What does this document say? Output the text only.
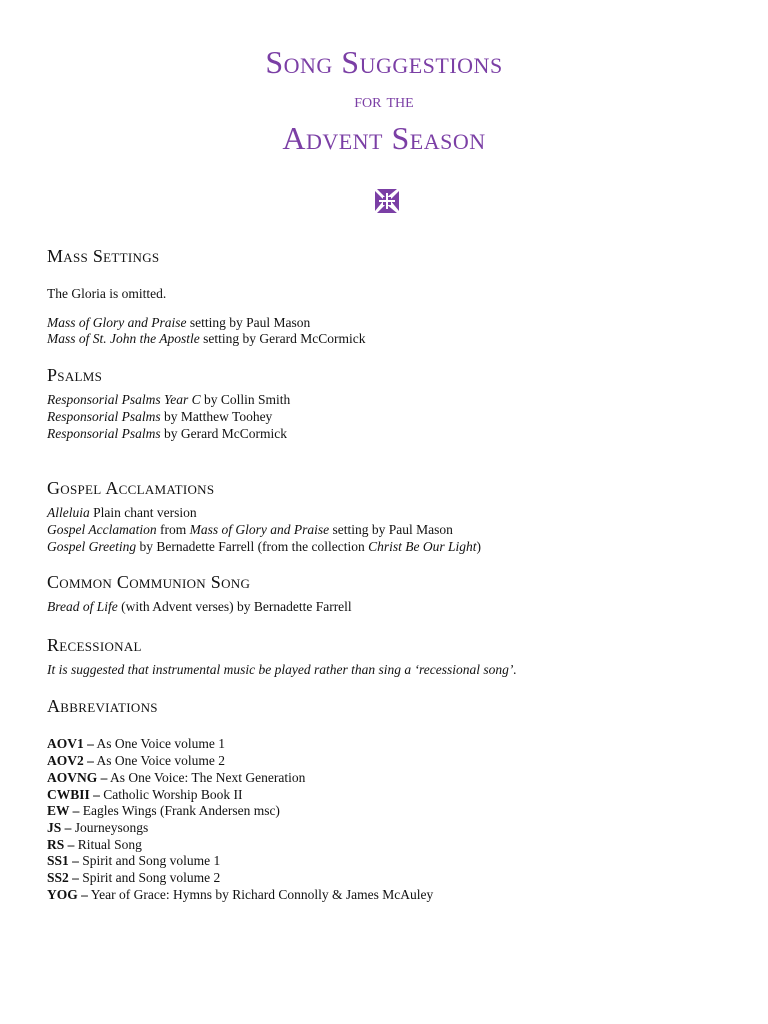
Song Suggestions
for the
Advent Season
Mass Settings
The Gloria is omitted.
Mass of Glory and Praise setting by Paul Mason
Mass of St. John the Apostle setting by Gerard McCormick
Psalms
Responsorial Psalms Year C by Collin Smith
Responsorial Psalms by Matthew Toohey
Responsorial Psalms by Gerard McCormick
Gospel Acclamations
Alleluia Plain chant version
Gospel Acclamation from Mass of Glory and Praise setting by Paul Mason
Gospel Greeting by Bernadette Farrell (from the collection Christ Be Our Light)
Common Communion Song
Bread of Life (with Advent verses) by Bernadette Farrell
Recessional
It is suggested that instrumental music be played rather than sing a ‘recessional song’.
Abbreviations
AOV1 – As One Voice volume 1
AOV2 – As One Voice volume 2
AOVNG – As One Voice: The Next Generation
CWBII – Catholic Worship Book II
EW – Eagles Wings (Frank Andersen msc)
JS – Journeysongs
RS – Ritual Song
SS1 – Spirit and Song volume 1
SS2 – Spirit and Song volume 2
YOG – Year of Grace: Hymns by Richard Connolly & James McAuley
